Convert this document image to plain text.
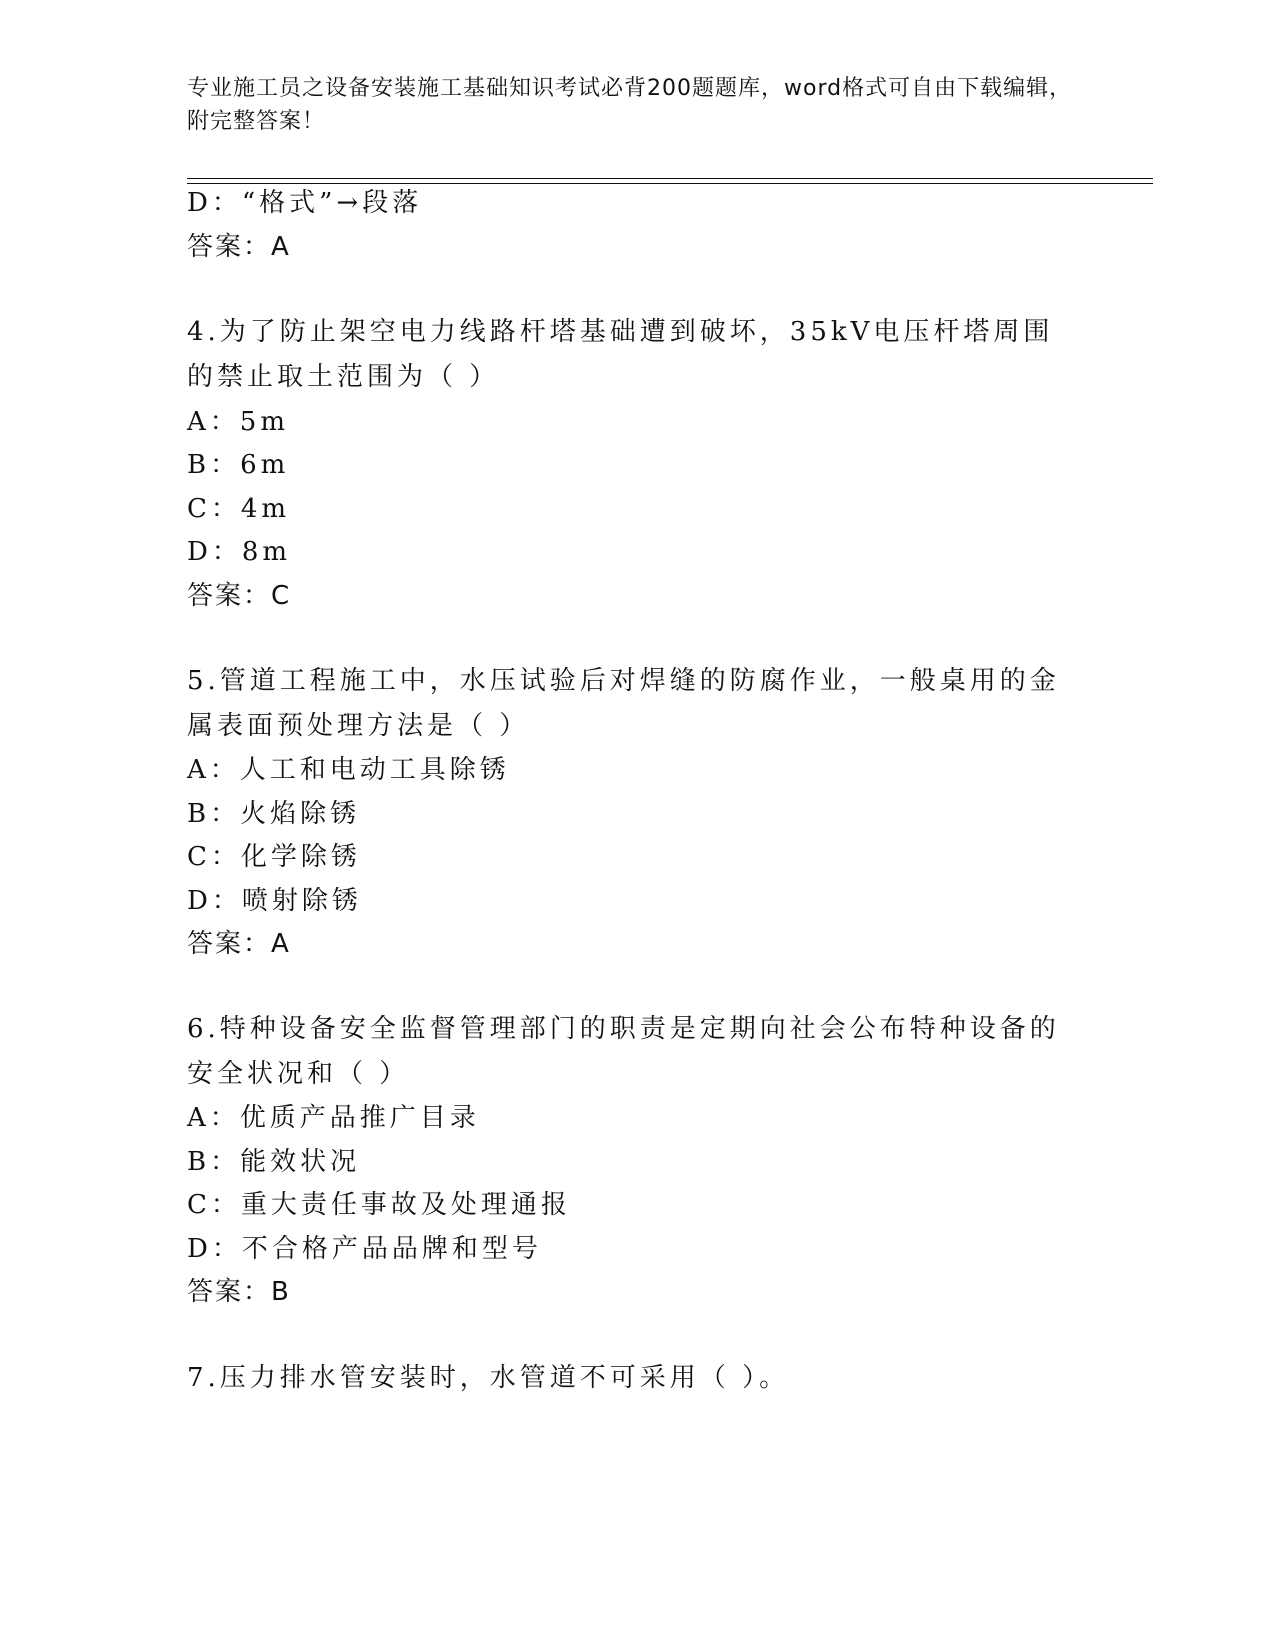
专业施工员之设备安装施工基础知识考试必背200题题库，word格式可自由下载编辑，附完整答案！
D：“格式”→段落
答案：A
4.为了防止架空电力线路杆塔基础遭到破坏，35kV电压杆塔周围的禁止取土范围为（ ）
A：5m
B：6m
C：4m
D：8m
答案：C
5.管道工程施工中，水压试验后对焊缝的防腐作业，一般桌用的金属表面预处理方法是（ ）
A：人工和电动工具除锈
B：火焰除锈
C：化学除锈
D：喷射除锈
答案：A
6.特种设备安全监督管理部门的职责是定期向社会公布特种设备的安全状况和（ ）
A：优质产品推广目录
B：能效状况
C：重大责任事故及处理通报
D：不合格产品品牌和型号
答案：B
7.压力排水管安装时，水管道不可采用（ ）。
